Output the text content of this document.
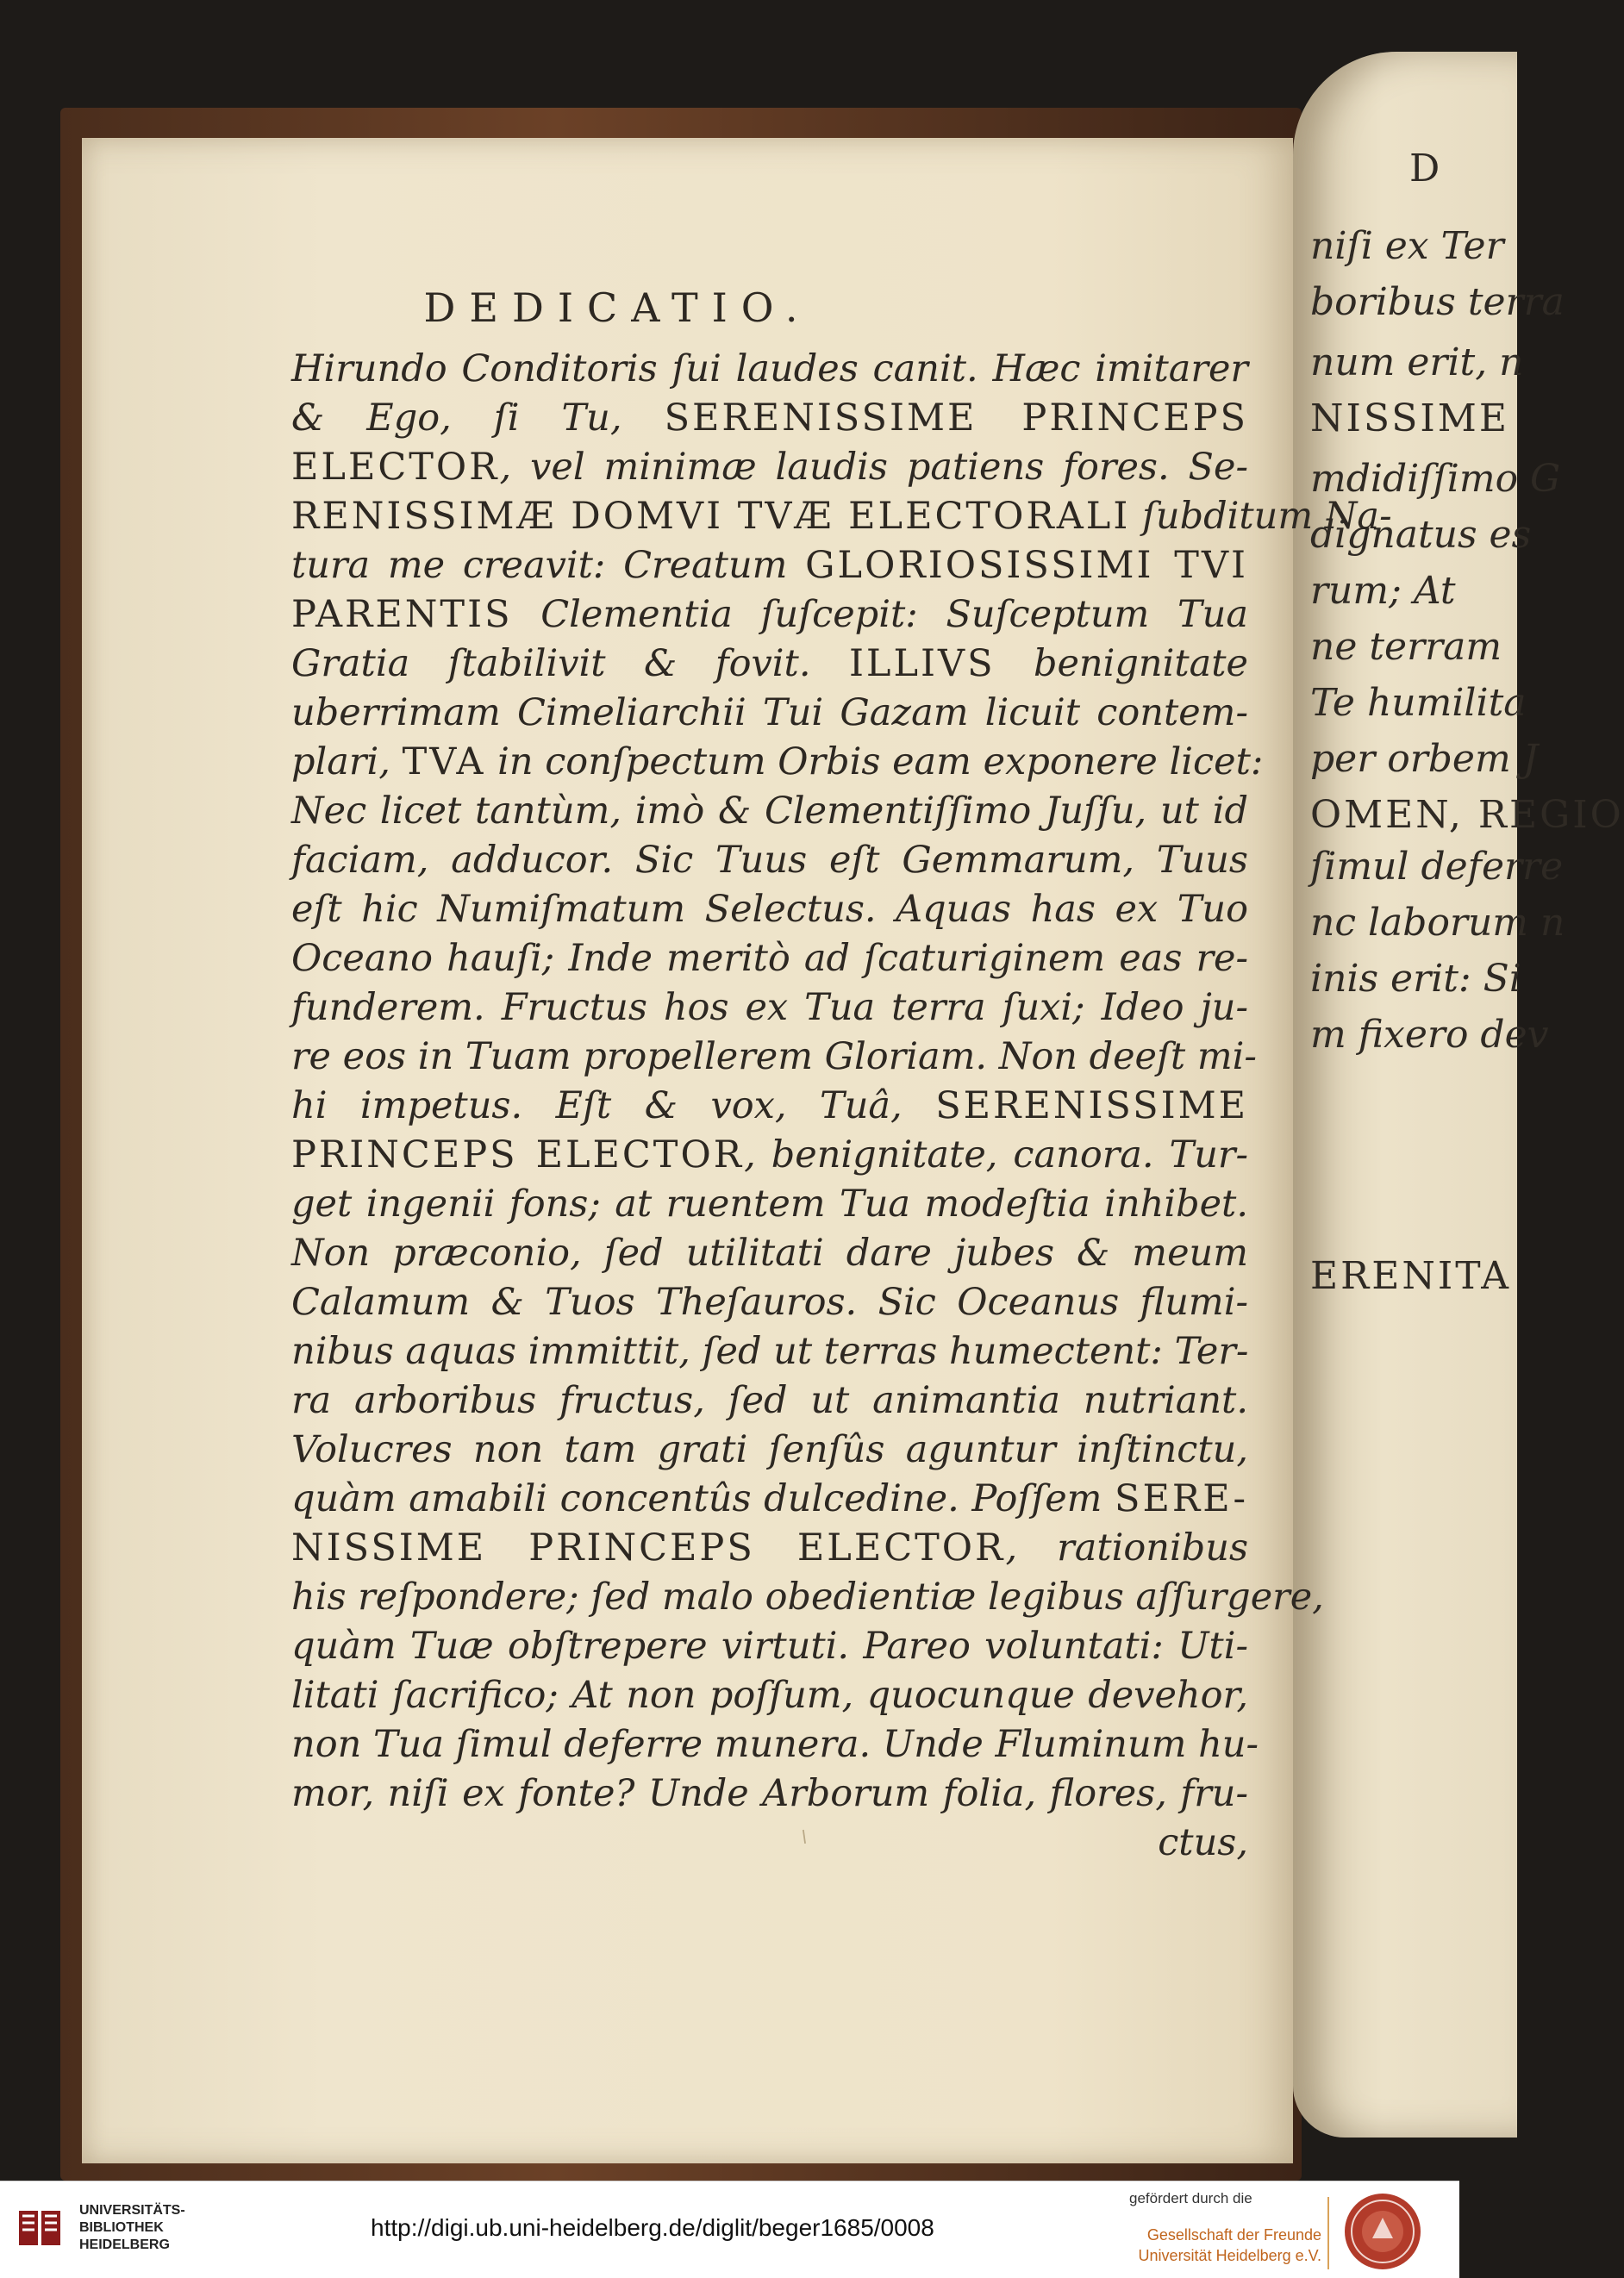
D
niſi ex Ter
boribus terra
num erit, n
NISSIME
mdidiſſimo G
dignatus es
rum; At
ne terram
Te humilita
per orbem J
OMEN, REGIO
ſimul deferre
nc laborum n
inis erit: Si
m fixero dev
ERENITA
DEDICATIO.
Hirundo Conditoris ſui laudes canit. Hæc imitarer
& Ego, ſi Tu, SERENISSIME PRINCEPS
ELECTOR, vel minimæ laudis patiens fores. Se-
RENISSIMÆ DOMVI TVÆ ELECTORALI ſubditum Na-
tura me creavit: Creatum GLORIOSISSIMI TVI
PARENTIS Clementia ſuſcepit: Suſceptum Tua
Gratia ſtabilivit & fovit. ILLIVS benignitate
uberrimam Cimeliarchii Tui Gazam licuit contem-
plari, TVA in conſpectum Orbis eam exponere licet:
Nec licet tantùm, imò & Clementiſſimo Juſſu, ut id
faciam, adducor. Sic Tuus eſt Gemmarum, Tuus
eſt hic Numiſmatum Selectus. Aquas has ex Tuo
Oceano hauſi; Inde meritò ad ſcaturiginem eas re-
funderem. Fructus hos ex Tua terra ſuxi; Ideo ju-
re eos in Tuam propellerem Gloriam. Non deeſt mi-
hi impetus. Eſt & vox, Tuâ, SERENISSIME
PRINCEPS ELECTOR, benignitate, canora. Tur-
get ingenii fons; at ruentem Tua modeſtia inhibet.
Non præconio, ſed utilitati dare jubes & meum
Calamum & Tuos Theſauros. Sic Oceanus flumi-
nibus aquas immittit, ſed ut terras humectent: Ter-
ra arboribus fructus, ſed ut animantia nutriant.
Volucres non tam grati ſenſûs aguntur inſtinctu,
quàm amabili concentûs dulcedine. Poſſem SERE-
NISSIME PRINCEPS ELECTOR, rationibus
his reſpondere; ſed malo obedientiæ legibus aſſurgere,
quàm Tuæ obſtrepere virtuti. Pareo voluntati: Uti-
litati ſacrifico; At non poſſum, quocunque devehor,
non Tua ſimul deferre munera. Unde Fluminum hu-
mor, niſi ex fonte? Unde Arborum folia, flores, fru-
ctus,
ǀ
UNIVERSITÄTS-
BIBLIOTHEK
HEIDELBERG
http://digi.ub.uni-heidelberg.de/diglit/beger1685/0008
gefördert durch die
Gesellschaft der Freunde
Universität Heidelberg e.V.
